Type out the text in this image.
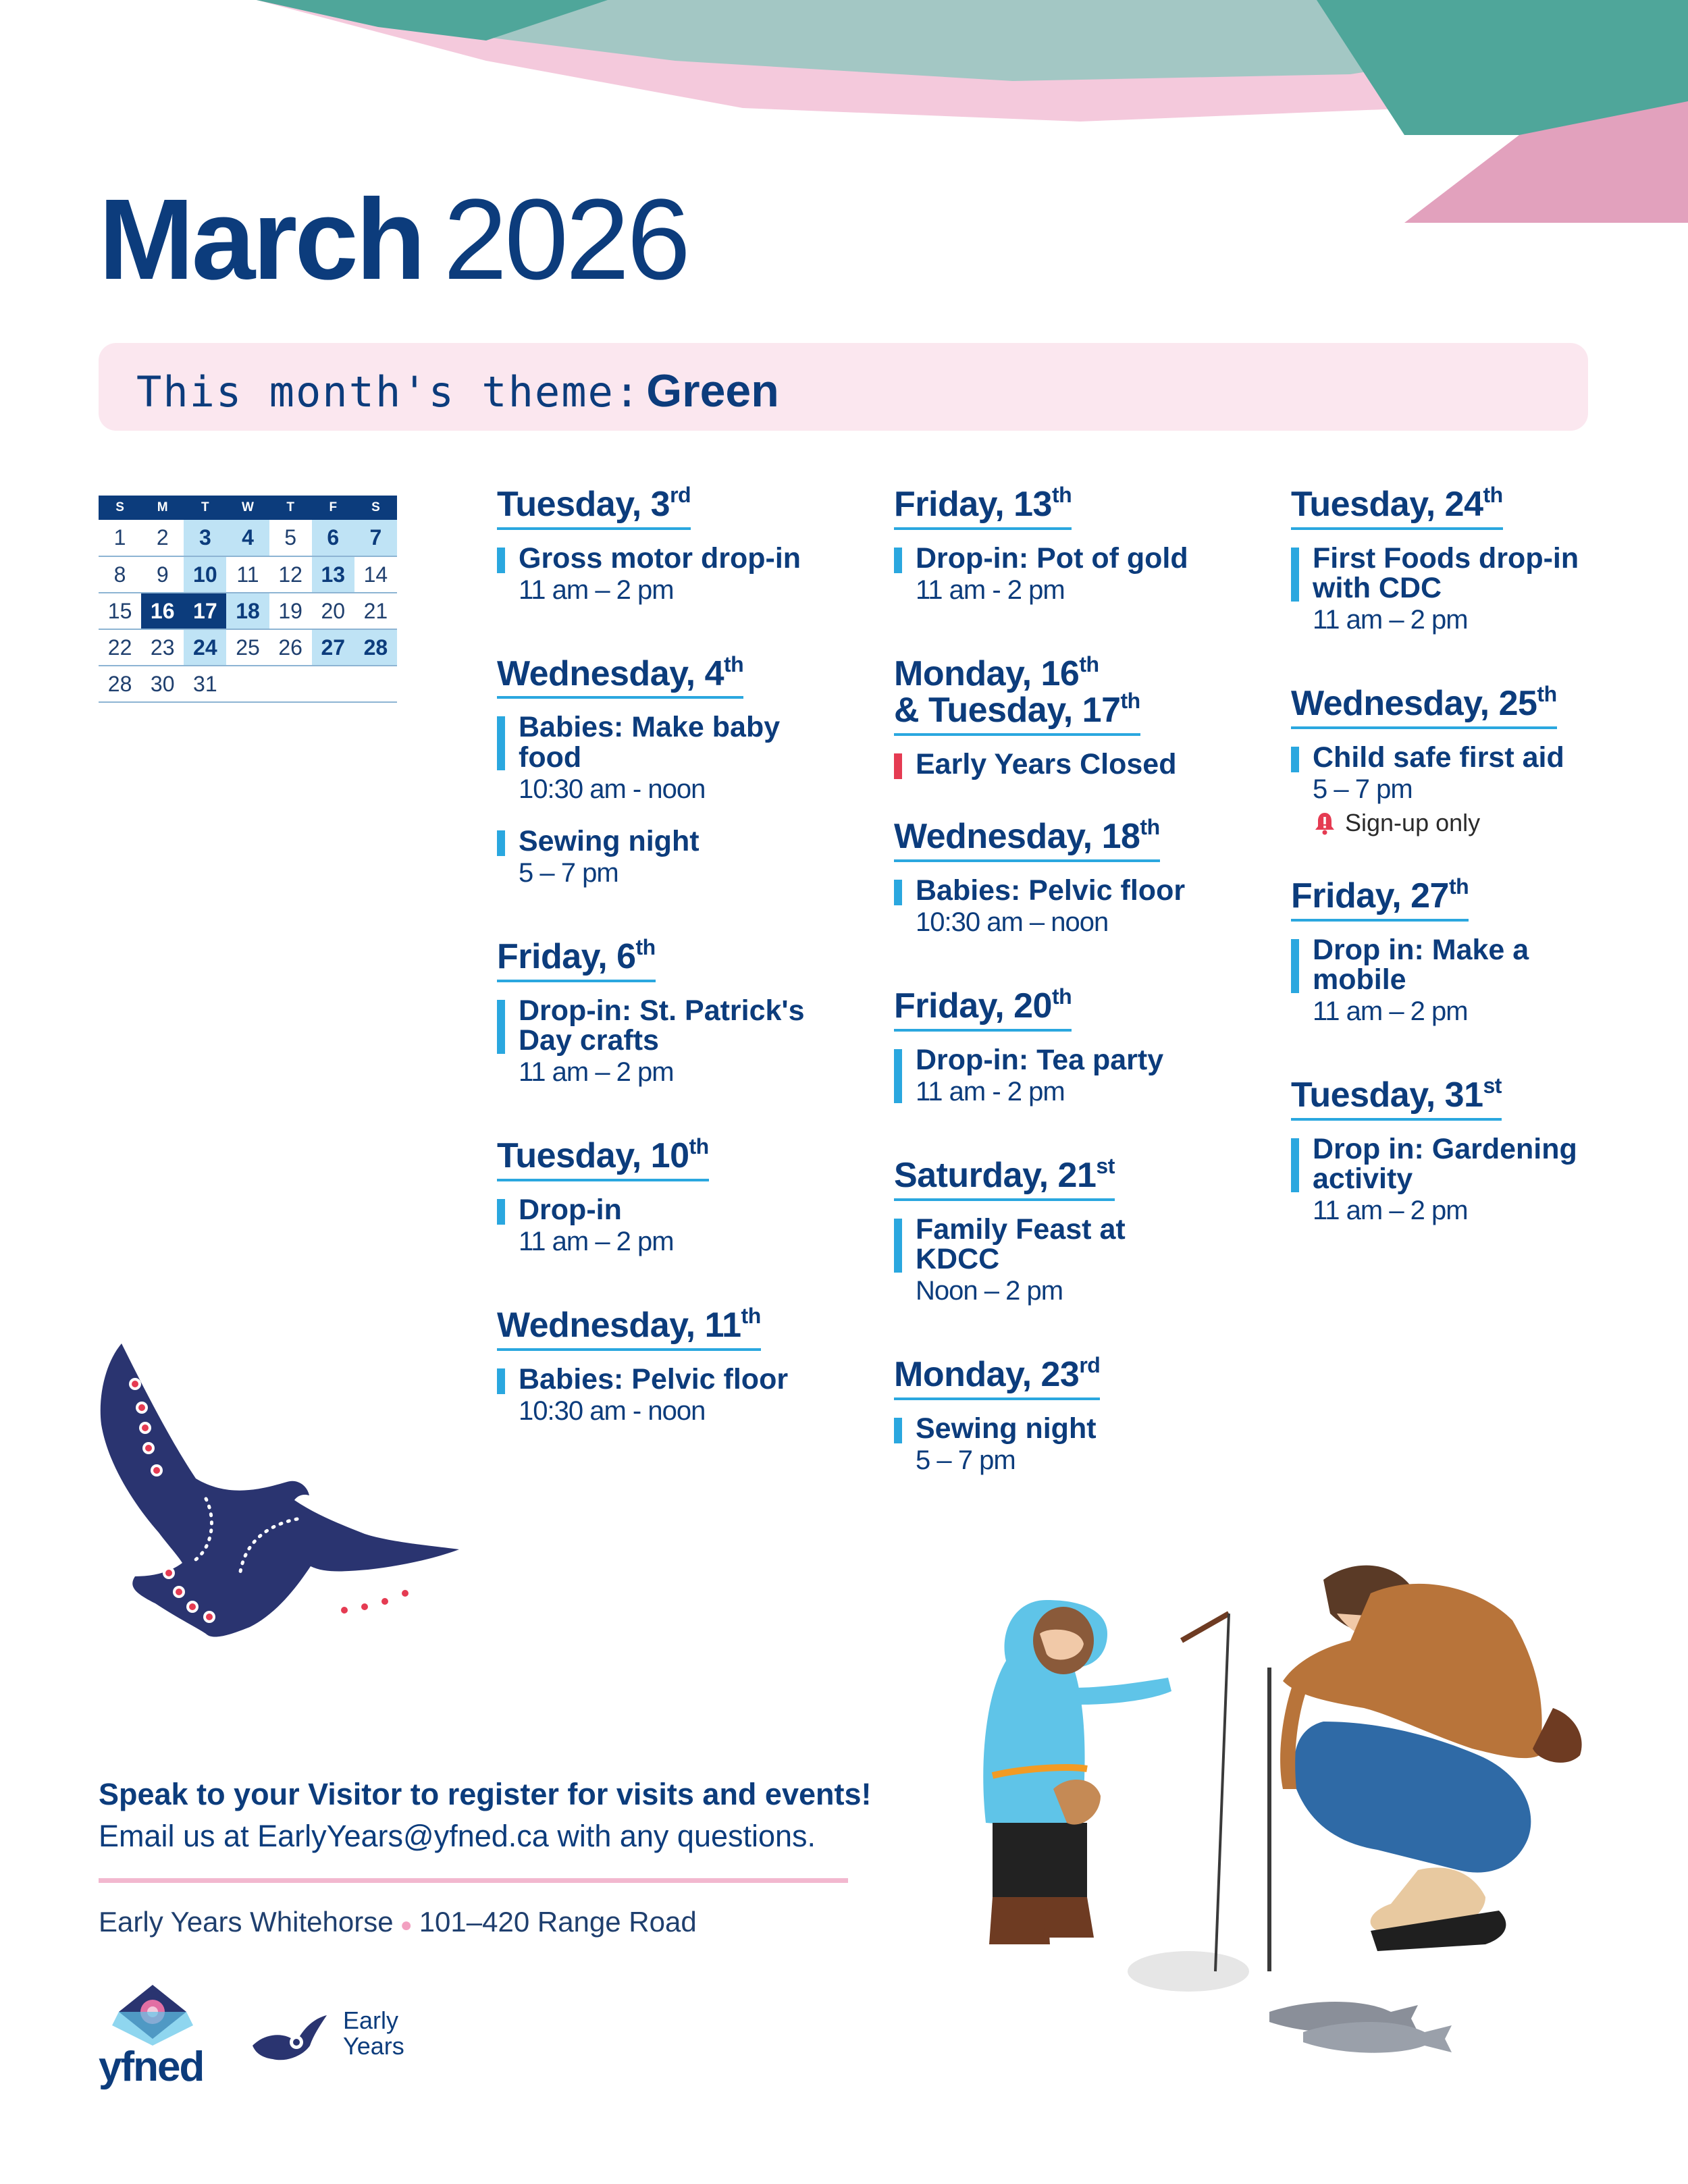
March 2026
This month's theme: Green
S	M	T	W	T	F	S
1	2	3	4	5	6	7
8	9	10	11	12	13	14
15	16	17	18	19	20	21
22	23	24	25	26	27	28
28	30	31				
Tuesday, 3rd
Gross motor drop-in
11 am – 2 pm
Wednesday, 4th
Babies: Make baby food
10:30 am - noon
Sewing night
5 – 7 pm
Friday, 6th
Drop-in: St. Patrick's Day crafts
11 am – 2 pm
Tuesday, 10th
Drop-in
11 am – 2 pm
Wednesday, 11th
Babies: Pelvic floor
10:30 am - noon
Friday, 13th
Drop-in: Pot of gold
11 am - 2 pm
Monday, 16th
& Tuesday, 17th
Early Years Closed
Wednesday, 18th
Babies: Pelvic floor
10:30 am – noon
Friday, 20th
Drop-in: Tea party
11 am - 2 pm
Saturday, 21st
Family Feast at KDCC
Noon – 2 pm
Monday, 23rd
Sewing night
5 – 7 pm
Tuesday, 24th
First Foods drop-in with CDC
11 am – 2 pm
Wednesday, 25th
Child safe first aid
5 – 7 pm
Sign-up only
Friday, 27th
Drop in: Make a mobile
11 am – 2 pm
Tuesday, 31st
Drop in: Gardening activity
11 am – 2 pm
Speak to your Visitor to register for visits and events!
Email us at EarlyYears@yfned.ca with any questions.
Early Years Whitehorse ● 101–420 Range Road
yfned
Early
Years
